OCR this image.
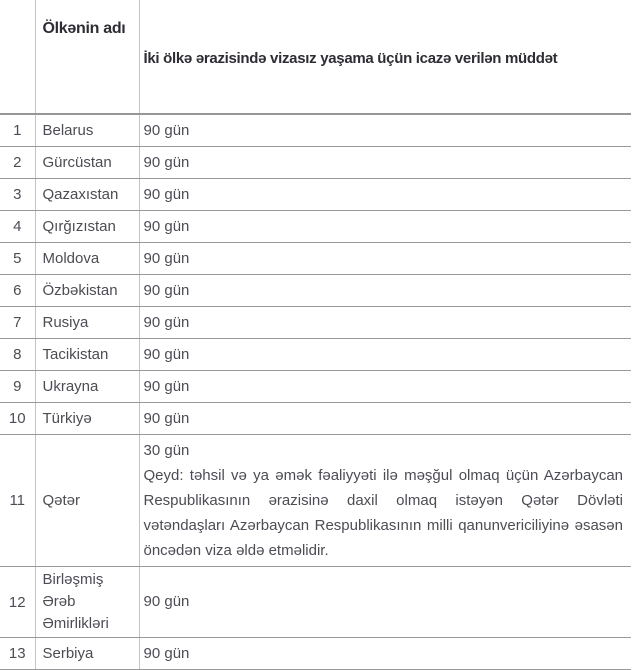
	Ölkənin adı	İki ölkə ərazisində vizasız yaşama üçün icazə verilən müddət
1	Belarus	90 gün

2	Gürcüstan	90 gün

3	Qazaxıstan	90 gün

4	Qırğızıstan	90 gün

5	Moldova	90 gün

6	Özbəkistan	90 gün

7	Rusiya	90 gün

8	Tacikistan	90 gün

9	Ukrayna	90 gün

10	Türkiyə	90 gün

11	Qətər	30 gün
Qeyd: təhsil və ya əmək fəaliyyəti ilə məşğul olmaq üçün Azərbaycan Respublikasının ərazisinə daxil olmaq istəyən Qətər Dövləti vətəndaşları Azərbaycan Respublikasının milli qanunvericiliyinə əsasən öncədən viza əldə etməlidir.

12	Birləşmiş Ərəb Əmirlikləri	90 gün

13	Serbiya	90 gün
